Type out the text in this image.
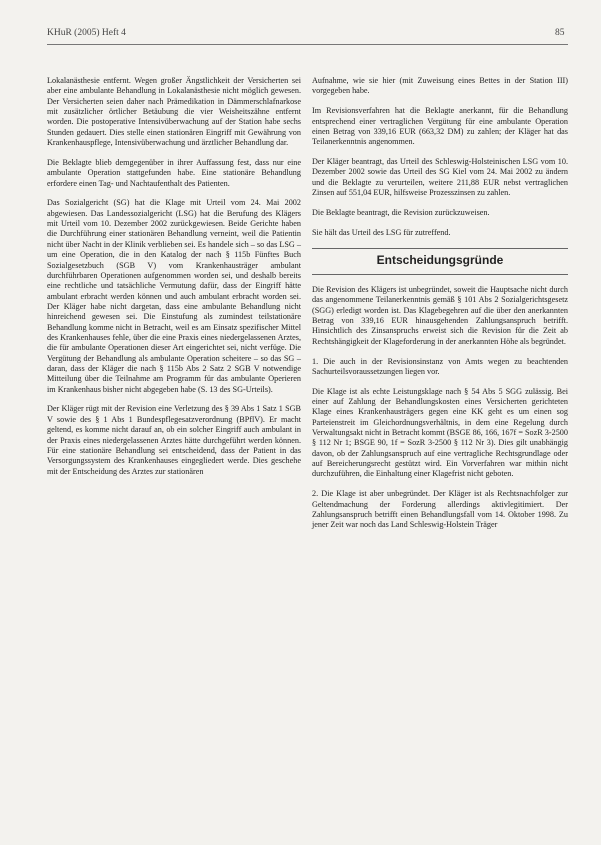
KHuR (2005) Heft 4	85

Lokalanästhesie entfernt. Wegen großer Ängstlichkeit der Versicherten sei aber eine ambulante Behandlung in Lokalanästhesie nicht möglich gewesen. Der Versicherten seien daher nach Prämedikation in Dämmerschlafnarkose mit zusätzlicher örtlicher Betäubung die vier Weisheitszähne entfernt worden. Die postoperative Intensivüberwachung auf der Station habe sechs Stunden gedauert. Dies stelle einen stationären Eingriff mit Gewährung von Krankenhauspflege, Intensivüberwachung und ärztlicher Behandlung dar.

Die Beklagte blieb demgegenüber in ihrer Auffassung fest, dass nur eine ambulante Operation stattgefunden habe. Eine stationäre Behandlung erfordere einen Tag- und Nachtaufenthalt des Patienten.

Das Sozialgericht (SG) hat die Klage mit Urteil vom 24. Mai 2002 abgewiesen. Das Landessozialgericht (LSG) hat die Berufung des Klägers mit Urteil vom 10. Dezember 2002 zurückgewiesen. Beide Gerichte haben die Durchführung einer stationären Behandlung verneint, weil die Patientin nicht über Nacht in der Klinik verblieben sei. Es handele sich – so das LSG – um eine Operation, die in den Katalog der nach § 115b Fünftes Buch Sozialgesetzbuch (SGB V) vom Krankenhausträger ambulant durchführbaren Operationen aufgenommen worden sei, und deshalb bereits eine rechtliche und tatsächliche Vermutung dafür, dass der Eingriff hätte ambulant erbracht werden können und auch ambulant erbracht worden sei. Der Kläger habe nicht dargetan, dass eine ambulante Behandlung nicht hinreichend gewesen sei. Die Einstufung als zumindest teilstationäre Behandlung komme nicht in Betracht, weil es am Einsatz spezifischer Mittel des Krankenhauses fehle, über die eine Praxis eines niedergelassenen Arztes, die für ambulante Operationen dieser Art eingerichtet sei, nicht verfüge. Die Vergütung der Behandlung als ambulante Operation scheitere – so das SG – daran, dass der Kläger die nach § 115b Abs 2 Satz 2 SGB V notwendige Mitteilung über die Teilnahme am Programm für das ambulante Operieren im Krankenhaus bisher nicht abgegeben habe (S. 13 des SG-Urteils).

Der Kläger rügt mit der Revision eine Verletzung des § 39 Abs 1 Satz 1 SGB V sowie des § 1 Abs 1 Bundespflegesatzverordnung (BPflV). Er macht geltend, es komme nicht darauf an, ob ein solcher Eingriff auch ambulant in der Praxis eines niedergelassenen Arztes hätte durchgeführt werden können. Für eine stationäre Behandlung sei entscheidend, dass der Patient in das Versorgungssystem des Krankenhauses eingegliedert werde. Dies geschehe mit der Entscheidung des Arztes zur stationären

Aufnahme, wie sie hier (mit Zuweisung eines Bettes in der Station III) vorgegeben habe.

Im Revisionsverfahren hat die Beklagte anerkannt, für die Behandlung entsprechend einer vertraglichen Vergütung für eine ambulante Operation einen Betrag von 339,16 EUR (663,32 DM) zu zahlen; der Kläger hat das Teilanerkenntnis angenommen.

Der Kläger beantragt, das Urteil des Schleswig-Holsteinischen LSG vom 10. Dezember 2002 sowie das Urteil des SG Kiel vom 24. Mai 2002 zu ändern und die Beklagte zu verurteilen, weitere 211,88 EUR nebst vertraglichen Zinsen auf 551,04 EUR, hilfsweise Prozesszinsen zu zahlen.

Die Beklagte beantragt, die Revision zurückzuweisen.

Sie hält das Urteil des LSG für zutreffend.

Entscheidungsgründe

Die Revision des Klägers ist unbegründet, soweit die Hauptsache nicht durch das angenommene Teilanerkenntnis gemäß § 101 Abs 2 Sozialgerichtsgesetz (SGG) erledigt worden ist. Das Klagebegehren auf die über den anerkannten Betrag von 339,16 EUR hinausgehenden Zahlungsanspruch betrifft. Hinsichtlich des Zinsanspruchs erweist sich die Revision für die Zeit ab Rechtshängigkeit der Klageforderung in der anerkannten Höhe als begründet.

1. Die auch in der Revisionsinstanz von Amts wegen zu beachtenden Sachurteilsvoraussetzungen liegen vor.

Die Klage ist als echte Leistungsklage nach § 54 Abs 5 SGG zulässig. Bei einer auf Zahlung der Behandlungskosten eines Versicherten gerichteten Klage eines Krankenhausträgers gegen eine KK geht es um einen sog Parteienstreit im Gleichordnungsverhältnis, in dem eine Regelung durch Verwaltungsakt nicht in Betracht kommt (BSGE 86, 166, 167f = SozR 3-2500 § 112 Nr 1; BSGE 90, 1f = SozR 3-2500 § 112 Nr 3). Dies gilt unabhängig davon, ob der Zahlungsanspruch auf eine vertragliche Rechtsgrundlage oder auf Bereicherungsrecht gestützt wird. Ein Vorverfahren war mithin nicht durchzuführen, die Einhaltung einer Klagefrist nicht geboten.

2. Die Klage ist aber unbegründet. Der Kläger ist als Rechtsnachfolger zur Geltendmachung der Forderung allerdings aktivlegitimiert. Der Zahlungsanspruch betrifft einen Behandlungsfall vom 14. Oktober 1998. Zu jener Zeit war noch das Land Schleswig-Holstein Träger
